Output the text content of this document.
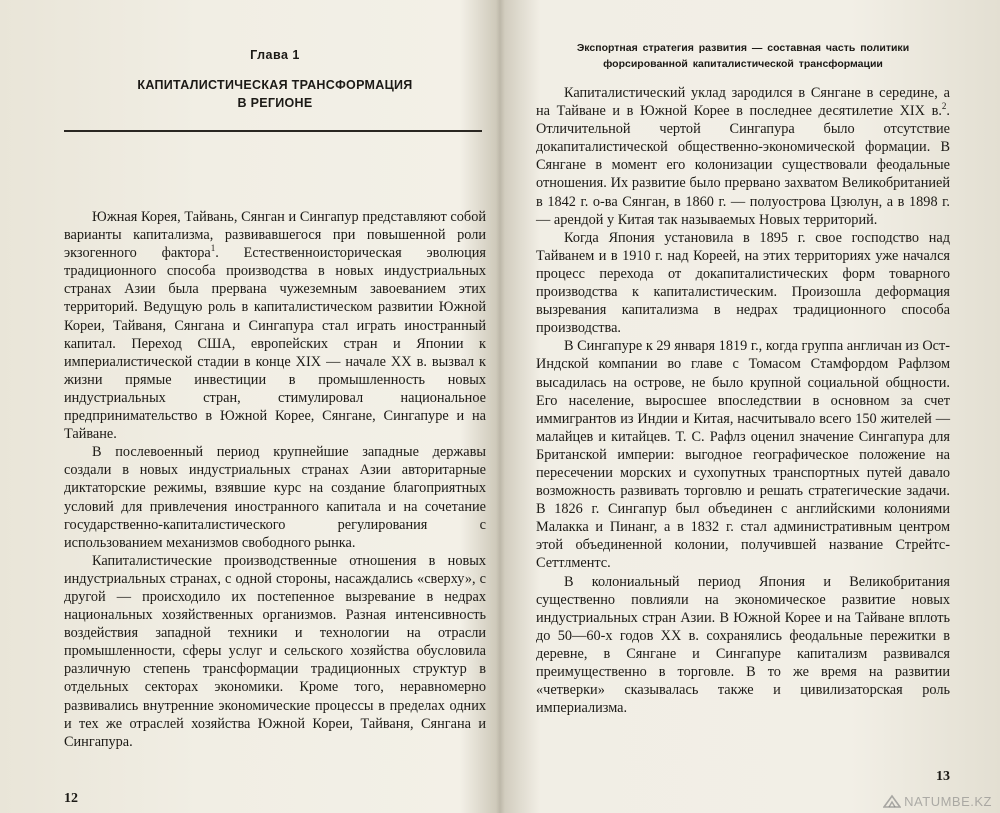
Глава 1
КАПИТАЛИСТИЧЕСКАЯ ТРАНСФОРМАЦИЯ
В РЕГИОНЕ

Южная Корея, Тайвань, Сянган и Сингапур представляют собой варианты капитализма, развивавшегося при повышенной роли экзогенного фактора$^1$. Естественноисторическая эволюция традиционного способа производства в новых индустриальных странах Азии была прервана чужеземным завоеванием этих территорий. Ведущую роль в капиталистическом развитии Южной Кореи, Тайваня, Сянгана и Сингапура стал играть иностранный капитал. Переход США, европейских стран и Японии к империалистической стадии в конце XIX — начале XX в. вызвал к жизни прямые инвестиции в промышленность новых индустриальных стран, стимулировал национальное предпринимательство в Южной Корее, Сянгане, Сингапуре и на Тайване.

В послевоенный период крупнейшие западные державы создали в новых индустриальных странах Азии авторитарные диктаторские режимы, взявшие курс на создание благоприятных условий для привлечения иностранного капитала и на сочетание государственно-капиталистического регулирования с использованием механизмов свободного рынка.

Капиталистические производственные отношения в новых индустриальных странах, с одной стороны, насаждались «сверху», с другой — происходило их постепенное вызревание в недрах национальных хозяйственных организмов. Разная интенсивность воздействия западной техники и технологии на отрасли промышленности, сферы услуг и сельского хозяйства обусловила различную степень трансформации традиционных структур в отдельных секторах экономики. Кроме того, неравномерно развивались внутренние экономические процессы в пределах одних и тех же отраслей хозяйства Южной Кореи, Тайваня, Сянгана и Сингапура.

12
Экспортная стратегия развития — составная часть политики
форсированной капиталистической трансформации

Капиталистический уклад зародился в Сянгане в середине, а на Тайване и в Южной Корее в последнее десятилетие XIX в.$^2$. Отличительной чертой Сингапура было отсутствие докапиталистической общественно-экономической формации. В Сянгане в момент его колонизации существовали феодальные отношения. Их развитие было прервано захватом Великобританией в 1842 г. о-ва Сянган, в 1860 г. — полуострова Цзюлун, а в 1898 г. — арендой у Китая так называемых Новых территорий.

Когда Япония установила в 1895 г. свое господство над Тайванем и в 1910 г. над Кореей, на этих территориях уже начался процесс перехода от докапиталистических форм товарного производства к капиталистическим. Произошла деформация вызревания капитализма в недрах традиционного способа производства.

В Сингапуре к 29 января 1819 г., когда группа англичан из Ост-Индской компании во главе с Томасом Стамфордом Рафлзом высадилась на острове, не было крупной социальной общности. Его население, выросшее впоследствии в основном за счет иммигрантов из Индии и Китая, насчитывало всего 150 жителей — малайцев и китайцев. Т. С. Рафлз оценил значение Сингапура для Британской империи: выгодное географическое положение на пересечении морских и сухопутных транспортных путей давало возможность развивать торговлю и решать стратегические задачи. В 1826 г. Сингапур был объединен с английскими колониями Малакка и Пинанг, а в 1832 г. стал административным центром этой объединенной колонии, получившей название Стрейтс-Сеттлментс.

В колониальный период Япония и Великобритания существенно повлияли на экономическое развитие новых индустриальных стран Азии. В Южной Корее и на Тайване вплоть до 50—60-х годов XX в. сохранялись феодальные пережитки в деревне, в Сянгане и Сингапуре капитализм развивался преимущественно в торговле. В то же время на развитии «четверки» сказывалась также и цивилизаторская роль империализма.

13
NATUMBE.KZ
